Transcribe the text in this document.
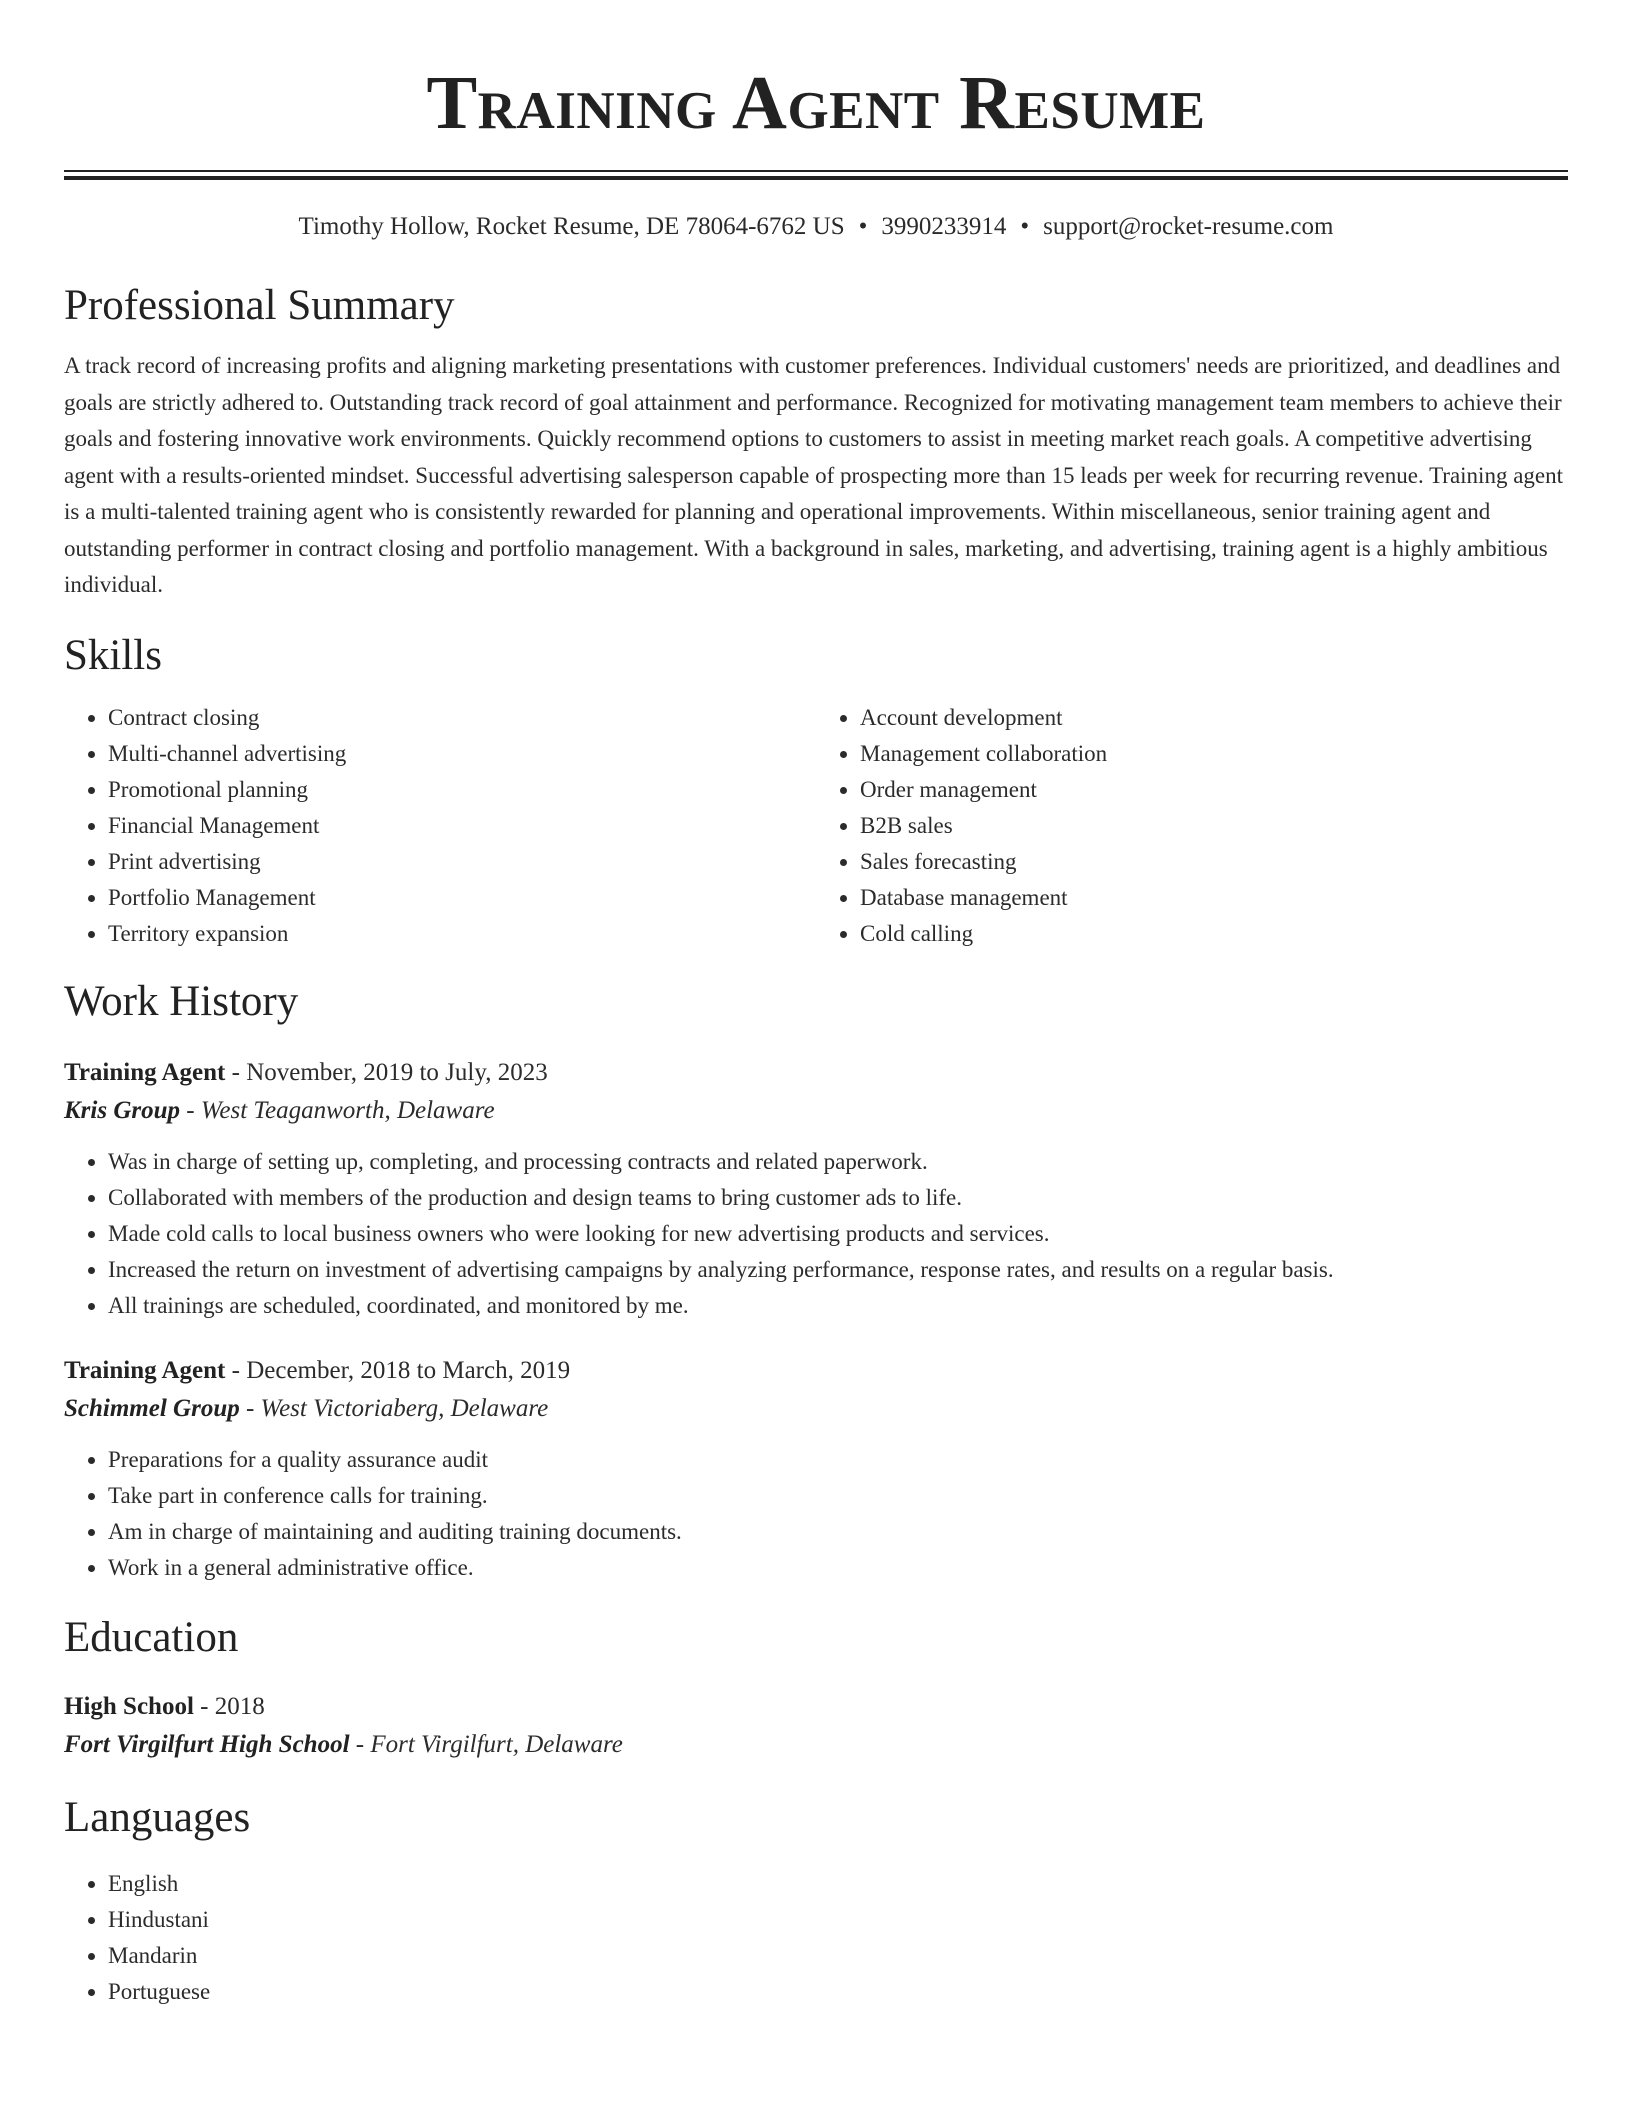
Training Agent Resume
Timothy Hollow, Rocket Resume, DE 78064-6762 US • 3990233914 • support@rocket-resume.com
Professional Summary

A track record of increasing profits and aligning marketing presentations with customer preferences. Individual customers' needs are prioritized, and deadlines and goals are strictly adhered to. Outstanding track record of goal attainment and performance. Recognized for motivating management team members to achieve their goals and fostering innovative work environments. Quickly recommend options to customers to assist in meeting market reach goals. A competitive advertising agent with a results-oriented mindset. Successful advertising salesperson capable of prospecting more than 15 leads per week for recurring revenue. Training agent is a multi-talented training agent who is consistently rewarded for planning and operational improvements. Within miscellaneous, senior training agent and outstanding performer in contract closing and portfolio management. With a background in sales, marketing, and advertising, training agent is a highly ambitious individual.

Skills
• Contract closing
• Multi-channel advertising
• Promotional planning
• Financial Management
• Print advertising
• Portfolio Management
• Territory expansion
• Account development
• Management collaboration
• Order management
• B2B sales
• Sales forecasting
• Database management
• Cold calling
Work History
Training Agent - November, 2019 to July, 2023
Kris Group - West Teaganworth, Delaware
• Was in charge of setting up, completing, and processing contracts and related paperwork.
• Collaborated with members of the production and design teams to bring customer ads to life.
• Made cold calls to local business owners who were looking for new advertising products and services.
• Increased the return on investment of advertising campaigns by analyzing performance, response rates, and results on a regular basis.
• All trainings are scheduled, coordinated, and monitored by me.
Training Agent - December, 2018 to March, 2019
Schimmel Group - West Victoriaberg, Delaware
• Preparations for a quality assurance audit
• Take part in conference calls for training.
• Am in charge of maintaining and auditing training documents.
• Work in a general administrative office.
Education
High School - 2018
Fort Virgilfurt High School - Fort Virgilfurt, Delaware
Languages
• English
• Hindustani
• Mandarin
• Portuguese
